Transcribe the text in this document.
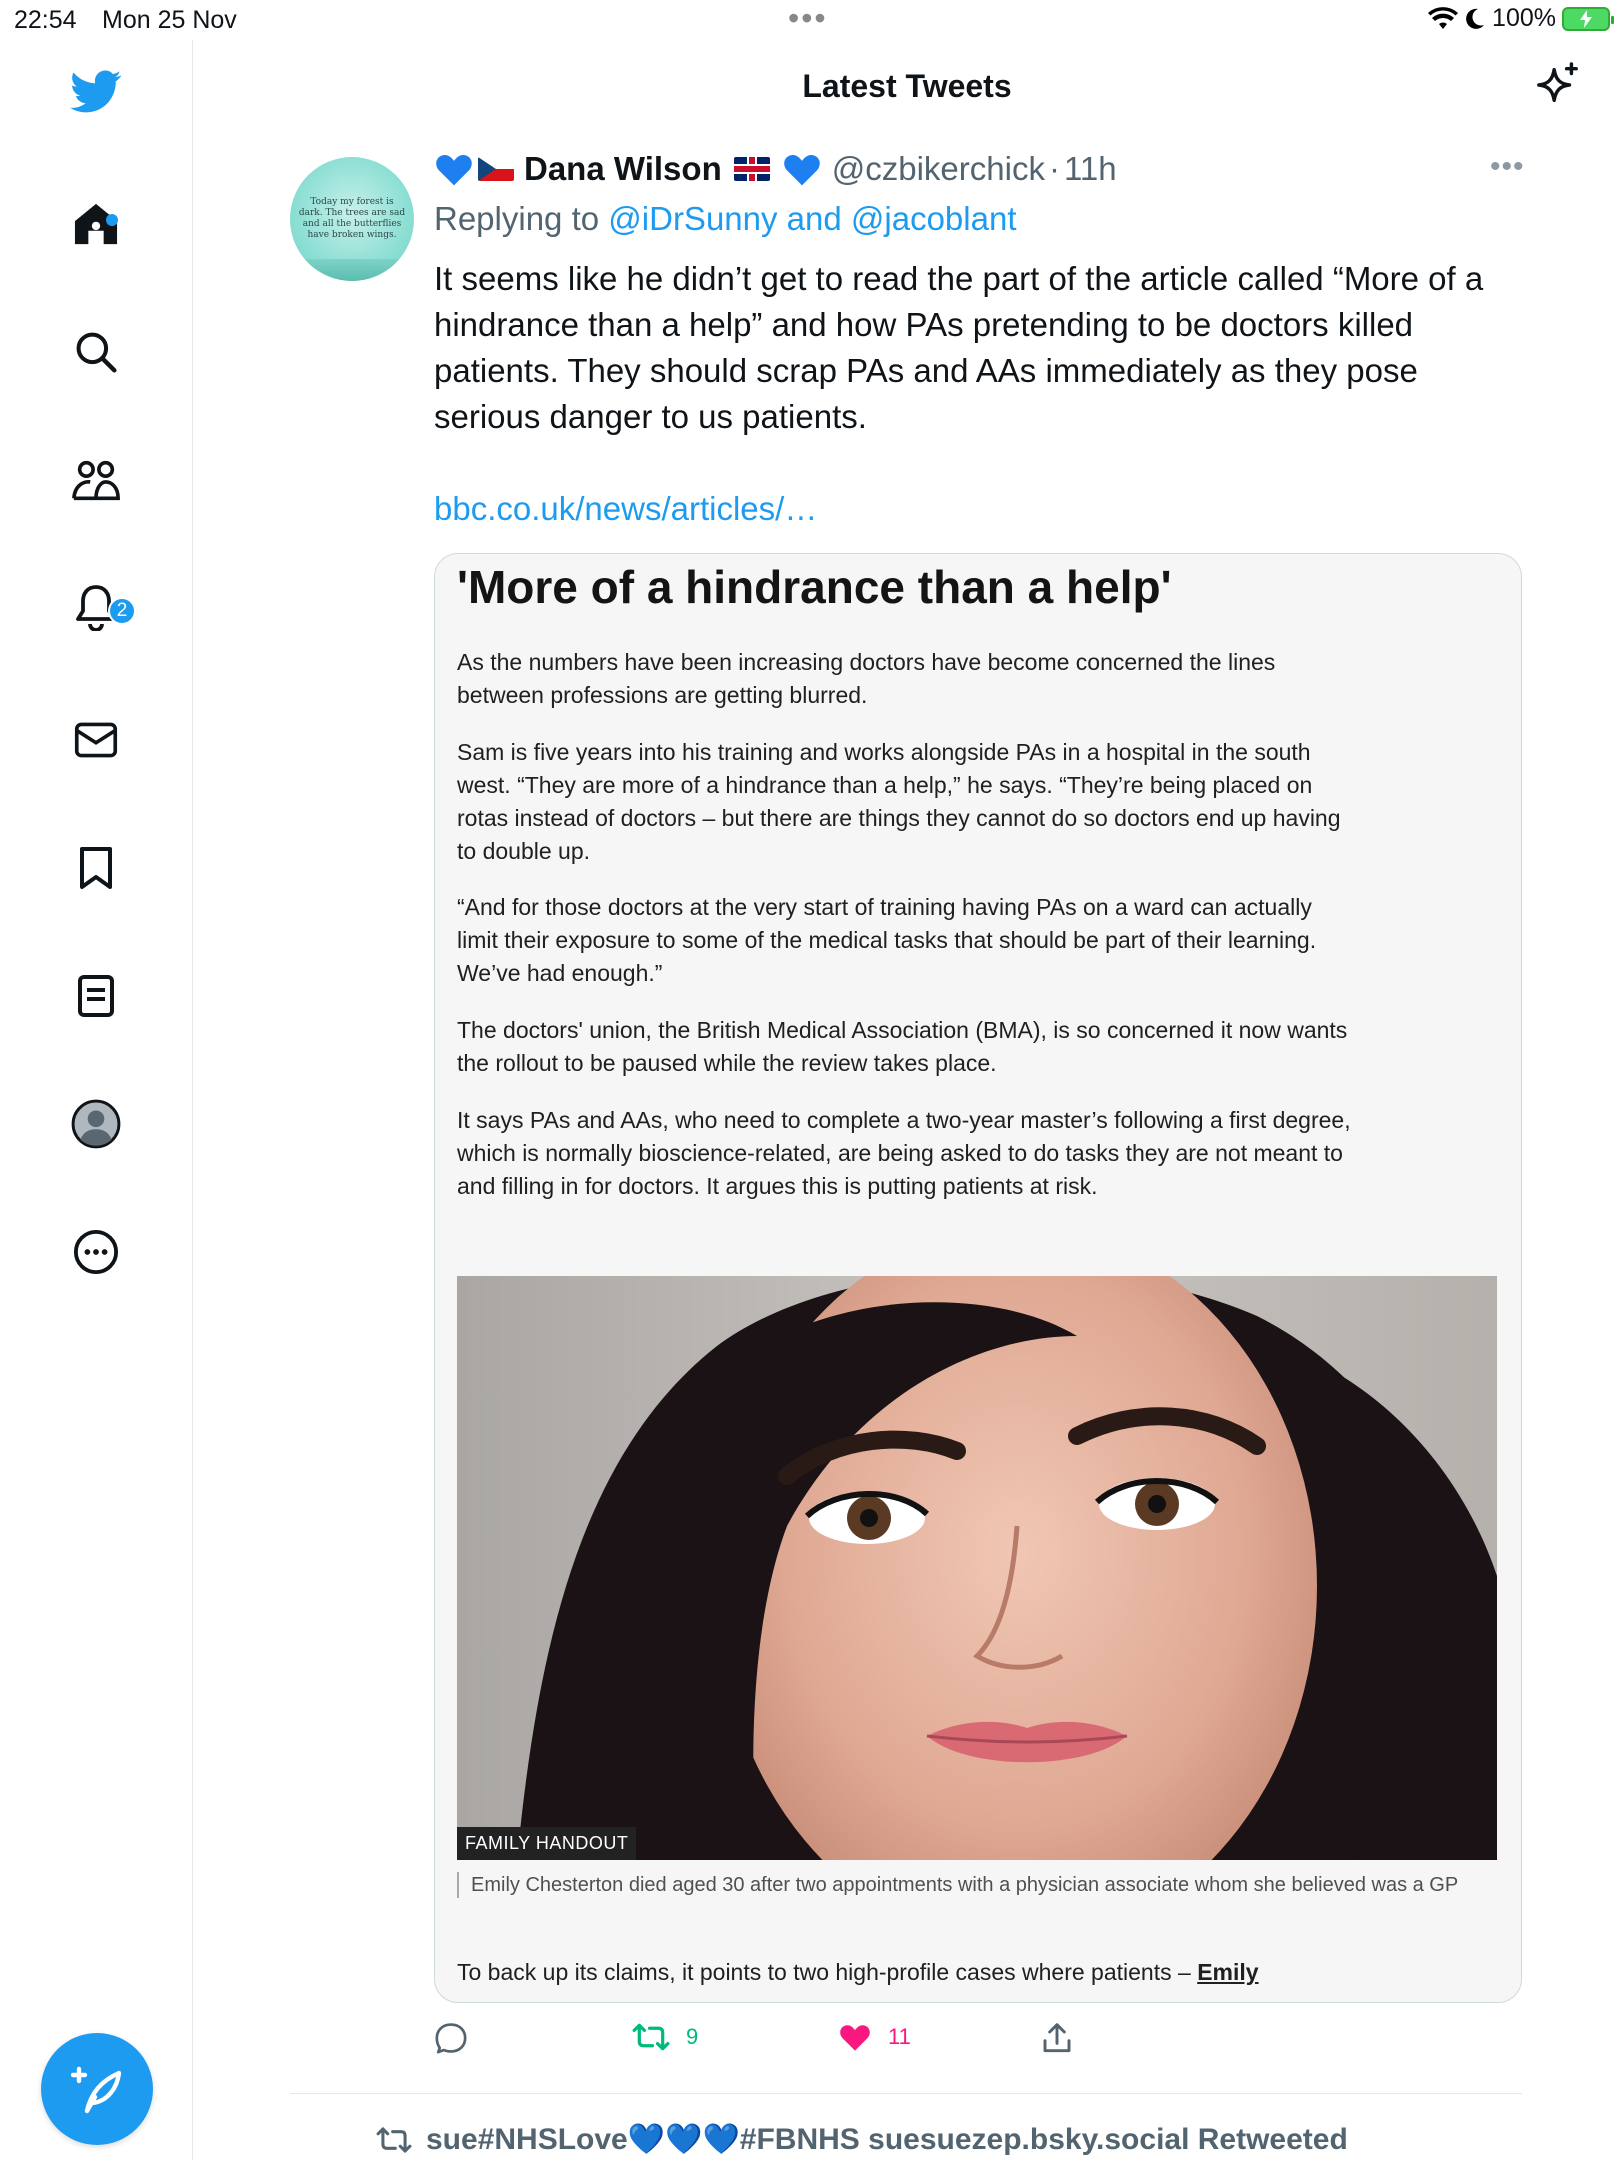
22:54 Mon 25 Nov	•••	100%
2
Latest Tweets
Today my forest is dark. The trees are sad and all the butterflies have broken wings.
Dana Wilson	@czbikerchick · 11h	•••
Replying to @iDrSunny and @jacoblant
It seems like he didn’t get to read the part of the article called “More of a hindrance than a help” and how PAs pretending to be doctors killed patients. They should scrap PAs and AAs immediately as they pose serious danger to us patients.
bbc.co.uk/news/articles/…
'More of a hindrance than a help'

As the numbers have been increasing doctors have become concerned the lines between professions are getting blurred.

Sam is five years into his training and works alongside PAs in a hospital in the south west. “They are more of a hindrance than a help,” he says. “They’re being placed on rotas instead of doctors – but there are things they cannot do so doctors end up having to double up.

“And for those doctors at the very start of training having PAs on a ward can actually limit their exposure to some of the medical tasks that should be part of their learning. We’ve had enough.”

The doctors' union, the British Medical Association (BMA), is so concerned it now wants the rollout to be paused while the review takes place.

It says PAs and AAs, who need to complete a two-year master’s following a first degree, which is normally bioscience-related, are being asked to do tasks they are not meant to and filling in for doctors. It argues this is putting patients at risk.

FAMILY HANDOUT
Emily Chesterton died aged 30 after two appointments with a physician associate whom she believed was a GP
To back up its claims, it points to two high-profile cases where patients – Emily
9	11
sue#NHSLove💙💙💙#FBNHS suesuezep.bsky.social Retweeted
